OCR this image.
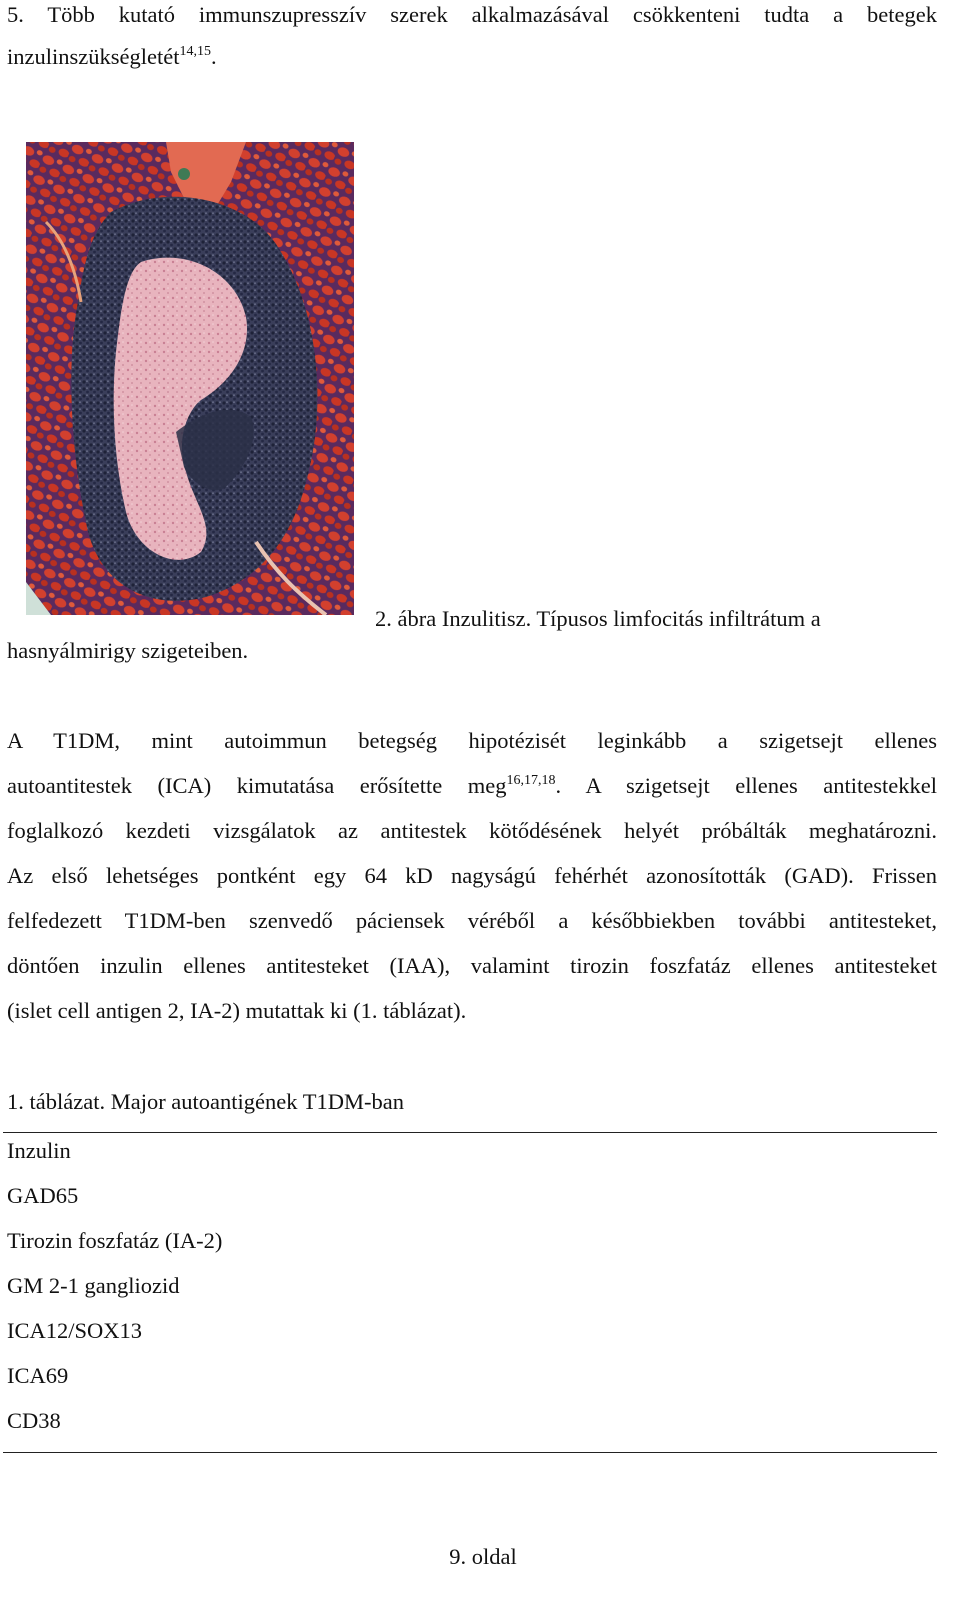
5. Több kutató immunszupresszív szerek alkalmazásával csökkenteni tudta a betegek
inzulinszükségletét$^{14,15}$.
2. ábra Inzulitisz. Típusos limfocitás infiltrátum a
hasnyálmirigy szigeteiben.
A T1DM, mint autoimmun betegség hipotézisét leginkább a szigetsejt ellenes
autoantitestek (ICA) kimutatása erősítette meg$^{16,17,18}$. A szigetsejt ellenes antitestekkel
foglalkozó kezdeti vizsgálatok az antitestek kötődésének helyét próbálták meghatározni.
Az első lehetséges pontként egy 64 kD nagyságú fehérhét azonosították (GAD). Frissen
felfedezett T1DM-ben szenvedő páciensek véréből a későbbiekben további antitesteket,
döntően inzulin ellenes antitesteket (IAA), valamint tirozin foszfatáz ellenes antitesteket
(islet cell antigen 2, IA-2) mutattak ki (1. táblázat).
1. táblázat. Major autoantigének T1DM-ban
Inzulin
GAD65
Tirozin foszfatáz (IA-2)
GM 2-1 gangliozid
ICA12/SOX13
ICA69
CD38
9. oldal
